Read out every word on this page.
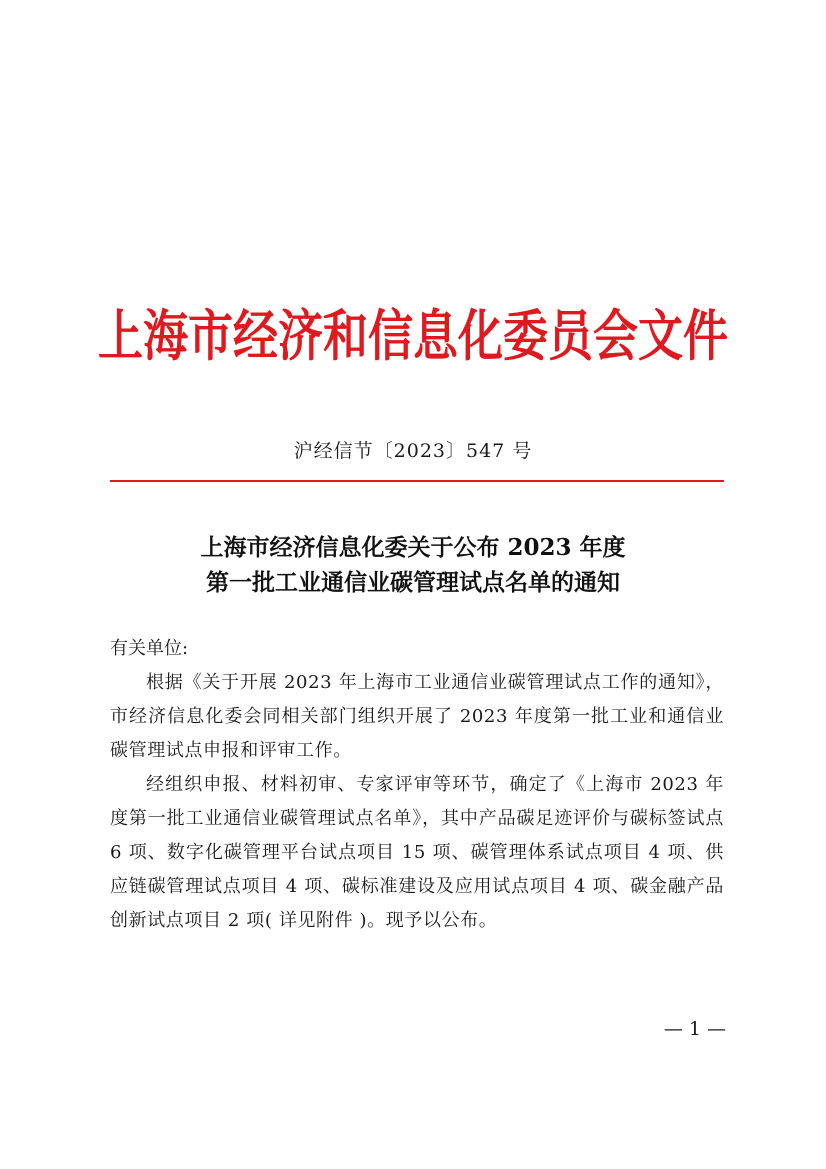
上海市经济和信息化委员会文件
沪经信节〔2023〕547 号
上海市经济信息化委关于公布 2023 年度
第一批工业通信业碳管理试点名单的通知

有关单位:

根据《关于开展 2023 年上海市工业通信业碳管理试点工作的通知》，市经济信息化委会同相关部门组织开展了 2023 年度第一批工业和通信业碳管理试点申报和评审工作。

经组织申报、材料初审、专家评审等环节，确定了《上海市 2023 年度第一批工业通信业碳管理试点名单》，其中产品碳足迹评价与碳标签试点 6 项、数字化碳管理平台试点项目 15 项、碳管理体系试点项目 4 项、供应链碳管理试点项目 4 项、碳标准建设及应用试点项目 4 项、碳金融产品创新试点项目 2 项( 详见附件 )。现予以公布。

— 1 —
